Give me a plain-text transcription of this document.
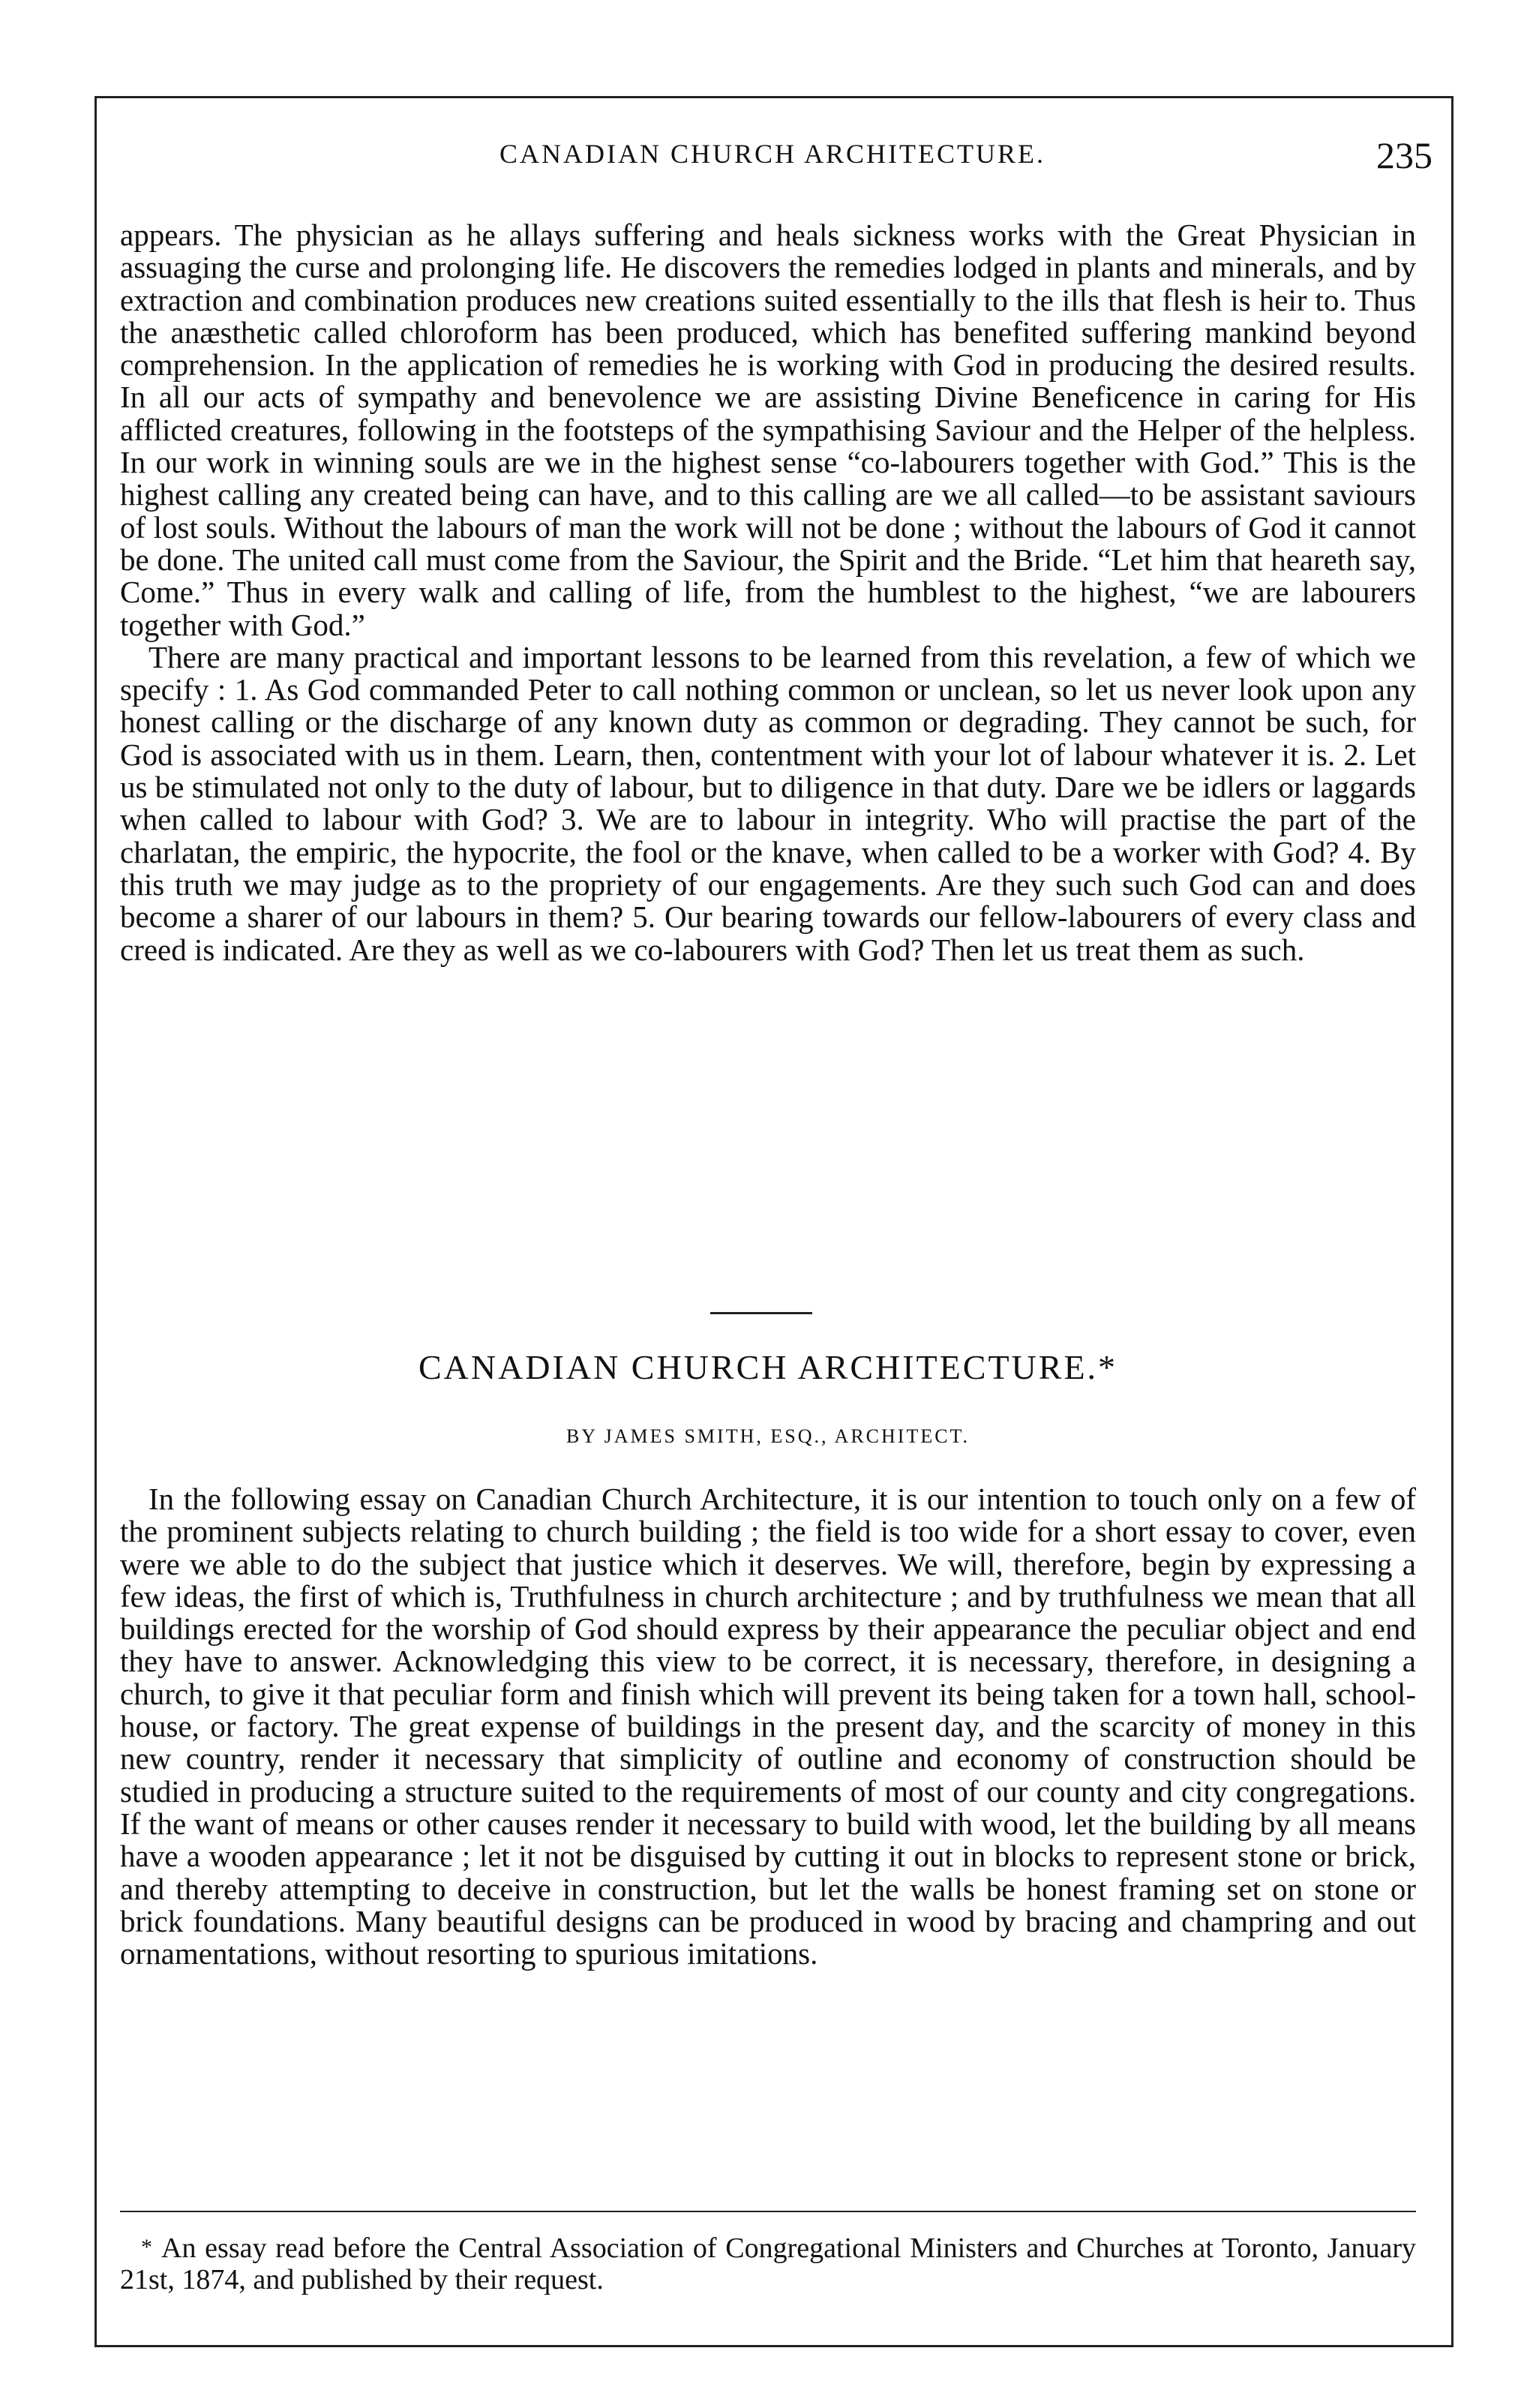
CANADIAN CHURCH ARCHITECTURE.	235

appears. The physician as he allays suffering and heals sickness works with the Great Physician in assuaging the curse and prolonging life. He discovers the remedies lodged in plants and minerals, and by extraction and combination produces new creations suited essentially to the ills that flesh is heir to. Thus the anæsthetic called chloroform has been produced, which has benefited suffering mankind beyond comprehension. In the application of remedies he is working with God in producing the desired results. In all our acts of sympathy and benevolence we are assisting Divine Beneficence in caring for His afflicted creatures, following in the footsteps of the sympathising Saviour and the Helper of the helpless. In our work in winning souls are we in the highest sense “co-labourers together with God.” This is the highest calling any created being can have, and to this calling are we all called—to be assistant saviours of lost souls. Without the labours of man the work will not be done ; without the labours of God it cannot be done. The united call must come from the Saviour, the Spirit and the Bride. “Let him that heareth say, Come.” Thus in every walk and calling of life, from the humblest to the highest, “we are labourers together with God.”

There are many practical and important lessons to be learned from this revelation, a few of which we specify : 1. As God commanded Peter to call nothing common or unclean, so let us never look upon any honest calling or the discharge of any known duty as common or degrading. They cannot be such, for God is associated with us in them. Learn, then, contentment with your lot of labour whatever it is. 2. Let us be stimulated not only to the duty of labour, but to diligence in that duty. Dare we be idlers or laggards when called to labour with God? 3. We are to labour in integrity. Who will practise the part of the charlatan, the empiric, the hypocrite, the fool or the knave, when called to be a worker with God? 4. By this truth we may judge as to the propriety of our engagements. Are they such such God can and does become a sharer of our labours in them? 5. Our bearing towards our fellow-labourers of every class and creed is indicated. Are they as well as we co-labourers with God? Then let us treat them as such.

CANADIAN CHURCH ARCHITECTURE.*
BY JAMES SMITH, ESQ., ARCHITECT.

In the following essay on Canadian Church Architecture, it is our intention to touch only on a few of the prominent subjects relating to church building ; the field is too wide for a short essay to cover, even were we able to do the subject that justice which it deserves. We will, therefore, begin by expressing a few ideas, the first of which is, Truthfulness in church architecture ; and by truthfulness we mean that all buildings erected for the worship of God should express by their appearance the peculiar object and end they have to answer. Acknowledging this view to be correct, it is necessary, therefore, in designing a church, to give it that peculiar form and finish which will prevent its being taken for a town hall, school-house, or factory. The great expense of buildings in the present day, and the scarcity of money in this new country, render it necessary that simplicity of outline and economy of construction should be studied in producing a structure suited to the requirements of most of our county and city congregations. If the want of means or other causes render it necessary to build with wood, let the building by all means have a wooden appearance ; let it not be disguised by cutting it out in blocks to represent stone or brick, and thereby attempting to deceive in construction, but let the walls be honest framing set on stone or brick foundations. Many beautiful designs can be produced in wood by bracing and champring and out ornamentations, without resorting to spurious imitations.

* An essay read before the Central Association of Congregational Ministers and Churches at Toronto, January 21st, 1874, and published by their request.
